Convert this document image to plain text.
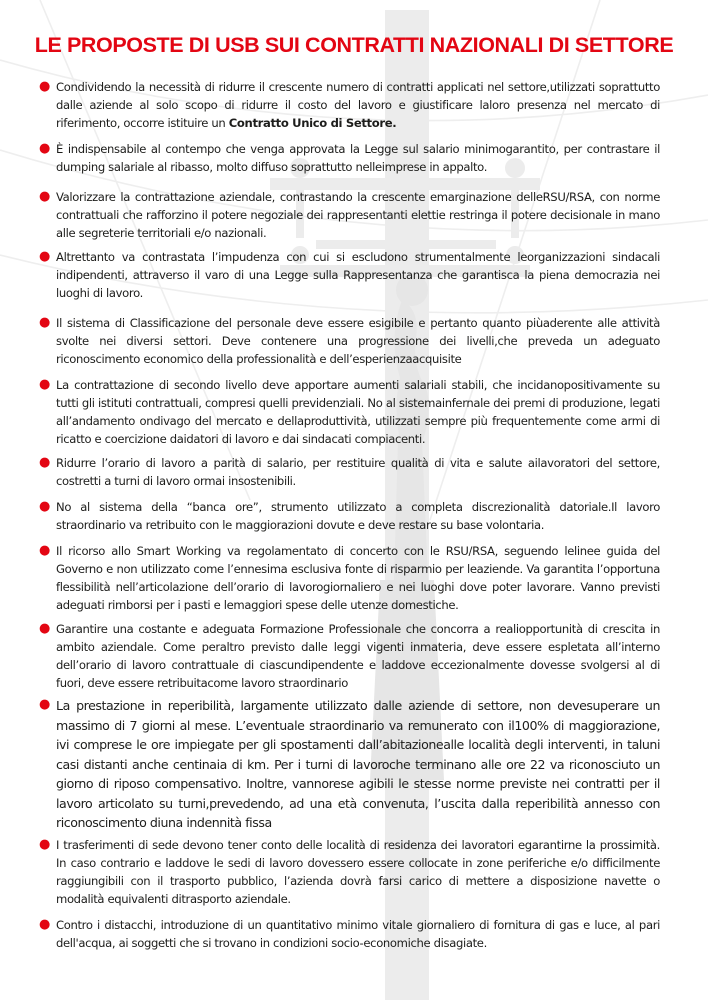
LE PROPOSTE DI USB SUI CONTRATTI NAZIONALI DI SETTORE
● Condividendo la necessità di ridurre il crescente numero di contratti applicati nel settore,utilizzati soprattutto dalle aziende al solo scopo di ridurre il costo del lavoro e giustificare laloro presenza nel mercato di riferimento, occorre istituire un Contratto Unico di Settore.

● È indispensabile al contempo che venga approvata la Legge sul salario minimogarantito, per contrastare il dumping salariale al ribasso, molto diffuso soprattutto nelleimprese in appalto.

● Valorizzare la contrattazione aziendale, contrastando la crescente emarginazione delleRSU/RSA, con norme contrattuali che rafforzino il potere negoziale dei rappresentanti elettie restringa il potere decisionale in mano alle segreterie territoriali e/o nazionali.

● Altrettanto va contrastata l’impudenza con cui si escludono strumentalmente leorganizzazioni sindacali indipendenti, attraverso il varo di una Legge sulla Rappresentanza che garantisca la piena democrazia nei luoghi di lavoro.

● Il sistema di Classificazione del personale deve essere esigibile e pertanto quanto piùaderente alle attività svolte nei diversi settori. Deve contenere una progressione dei livelli,che preveda un adeguato riconoscimento economico della professionalità e dell’esperienzaacquisite

● La contrattazione di secondo livello deve apportare aumenti salariali stabili, che incidanopositivamente su tutti gli istituti contrattuali, compresi quelli previdenziali. No al sistemainfernale dei premi di produzione, legati all’andamento ondivago del mercato e dellaproduttività, utilizzati sempre più frequentemente come armi di ricatto e coercizione daidatori di lavoro e dai sindacati compiacenti.

● Ridurre l’orario di lavoro a parità di salario, per restituire qualità di vita e salute ailavoratori del settore, costretti a turni di lavoro ormai insostenibili.

● No al sistema della “banca ore”, strumento utilizzato a completa discrezionalità datoriale.Il lavoro straordinario va retribuito con le maggiorazioni dovute e deve restare su base volontaria.

● Il ricorso allo Smart Working va regolamentato di concerto con le RSU/RSA, seguendo lelinee guida del Governo e non utilizzato come l’ennesima esclusiva fonte di risparmio per leaziende. Va garantita l’opportuna flessibilità nell’articolazione dell’orario di lavorogiornaliero e nei luoghi dove poter lavorare. Vanno previsti adeguati rimborsi per i pasti e lemaggiori spese delle utenze domestiche.

● Garantire una costante e adeguata Formazione Professionale che concorra a realiopportunità di crescita in ambito aziendale. Come peraltro previsto dalle leggi vigenti inmateria, deve essere espletata all’interno dell’orario di lavoro contrattuale di ciascundipendente e laddove eccezionalmente dovesse svolgersi al di fuori, deve essere retribuitacome lavoro straordinario

● La prestazione in reperibilità, largamente utilizzato dalle aziende di settore, non devesuperare un massimo di 7 giorni al mese. L’eventuale straordinario va remunerato con il100% di maggiorazione, ivi comprese le ore impiegate per gli spostamenti dall’abitazionealle località degli interventi, in taluni casi distanti anche centinaia di km. Per i turni di lavoroche terminano alle ore 22 va riconosciuto un giorno di riposo compensativo. Inoltre, vannorese agibili le stesse norme previste nei contratti per il lavoro articolato su turni,prevedendo, ad una età convenuta, l’uscita dalla reperibilità annesso con riconoscimento diuna indennità fissa

● I trasferimenti di sede devono tener conto delle località di residenza dei lavoratori egarantirne la prossimità. In caso contrario e laddove le sedi di lavoro dovessero essere collocate in zone periferiche e/o difficilmente raggiungibili con il trasporto pubblico, l’azienda dovrà farsi carico di mettere a disposizione navette o modalità equivalenti ditrasporto aziendale.

● Contro i distacchi, introduzione di un quantitativo minimo vitale giornaliero di fornitura di gas e luce, al pari dell'acqua, ai soggetti che si trovano in condizioni socio-economiche disagiate.
